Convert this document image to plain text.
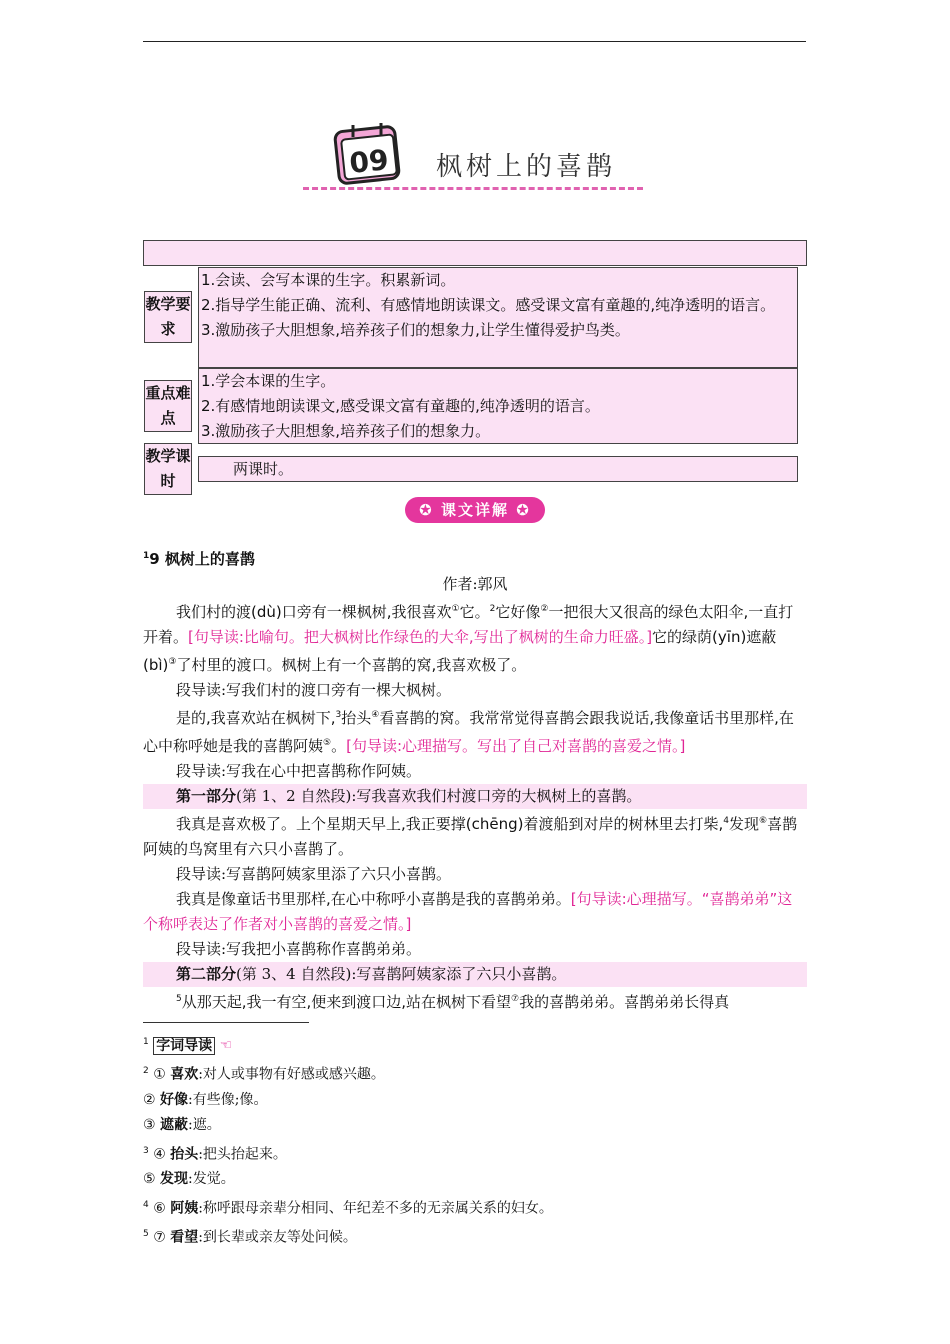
09 枫树上的喜鹊
教学要求

1.会读、会写本课的生字。积累新词。

2.指导学生能正确、流利、有感情地朗读课文。感受课文富有童趣的,纯净透明的语言。

3.激励孩子大胆想象,培养孩子们的想象力,让学生懂得爱护鸟类。

重点难点

1.学会本课的生字。

2.有感情地朗读课文,感受课文富有童趣的,纯净透明的语言。

3.激励孩子大胆想象,培养孩子们的想象力。

教学课时

两课时。

✪ 课文详解 ✪

$^1$9 枫树上的喜鹊

作者:郭风

我们村的渡(dù)口旁有一棵枫树,我很喜欢①它。$^2$它好像②一把很大又很高的绿色太阳伞,一直打开着。[句导读:比喻句。把大枫树比作绿色的大伞,写出了枫树的生命力旺盛。]它的绿荫(yīn)遮蔽(bì)③了村里的渡口。枫树上有一个喜鹊的窝,我喜欢极了。

段导读:写我们村的渡口旁有一棵大枫树。

是的,我喜欢站在枫树下,$^3$抬头④看喜鹊的窝。我常常觉得喜鹊会跟我说话,我像童话书里那样,在心中称呼她是我的喜鹊阿姨⑤。[句导读:心理描写。写出了自己对喜鹊的喜爱之情。]

段导读:写我在心中把喜鹊称作阿姨。

第一部分(第 1、2 自然段):写我喜欢我们村渡口旁的大枫树上的喜鹊。

我真是喜欢极了。上个星期天早上,我正要撑(chēng)着渡船到对岸的树林里去打柴,$^4$发现⑥喜鹊阿姨的鸟窝里有六只小喜鹊了。

段导读:写喜鹊阿姨家里添了六只小喜鹊。

我真是像童话书里那样,在心中称呼小喜鹊是我的喜鹊弟弟。[句导读:心理描写。“喜鹊弟弟”这个称呼表达了作者对小喜鹊的喜爱之情。]

段导读:写我把小喜鹊称作喜鹊弟弟。

第二部分(第 3、4 自然段):写喜鹊阿姨家添了六只小喜鹊。

$^5$从那天起,我一有空,便来到渡口边,站在枫树下看望⑦我的喜鹊弟弟。喜鹊弟弟长得真

$^1$ 字词导读 ☜

$^2$ ① 喜欢:对人或事物有好感或感兴趣。

② 好像:有些像;像。

③ 遮蔽:遮。

$^3$ ④ 抬头:把头抬起来。

⑤ 发现:发觉。

$^4$ ⑥ 阿姨:称呼跟母亲辈分相同、年纪差不多的无亲属关系的妇女。

$^5$ ⑦ 看望:到长辈或亲友等处问候。
